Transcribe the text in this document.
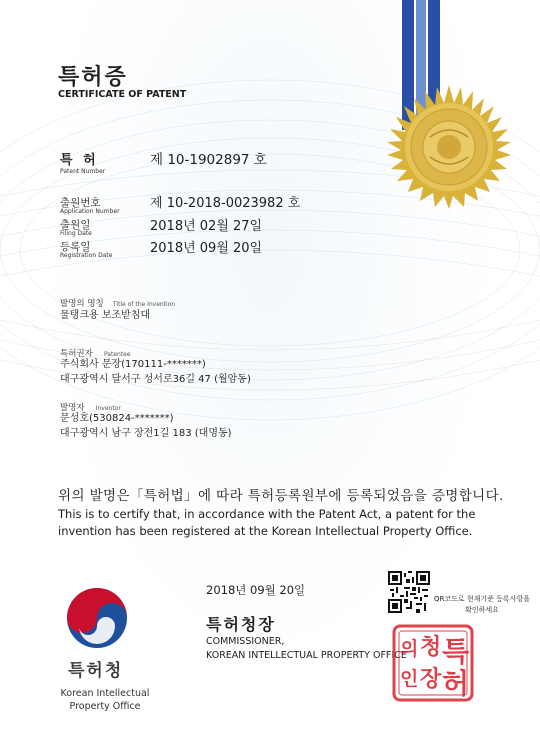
특허증
CERTIFICATE OF PATENT
특 허
Patent Number
제 10-1902897 호
출원번호
Application Number
제 10-2018-0023982 호
출원일
Filing Date	2018년 02월 27일
등록일
Registration Date	2018년 09월 20일
발명의 명칭 Title of the Invention
물탱크용 보조받침대
특허권자 Patentee
주식회사 문장(170111-*******)
대구광역시 달서구 성서로36길 47 (월암동)
발명자 Inventor
문성호(530824-*******)
대구광역시 남구 장전1길 183 (대명동)
위의 발명은「특허법」에 따라 특허등록원부에 등록되었음을 증명합니다.
This is to certify that, in accordance with the Patent Act, a patent for the invention has been registered at the Korean Intellectual Property Office.
2018년 09월 20일
특허청장
COMMISSIONER,
KOREAN INTELLECTUAL PROPERTY OFFICE
QR코드로 현재기준 등록사항을 확인하세요
특허청
Korean Intellectual Property Office
특
허
청
장
의
인
